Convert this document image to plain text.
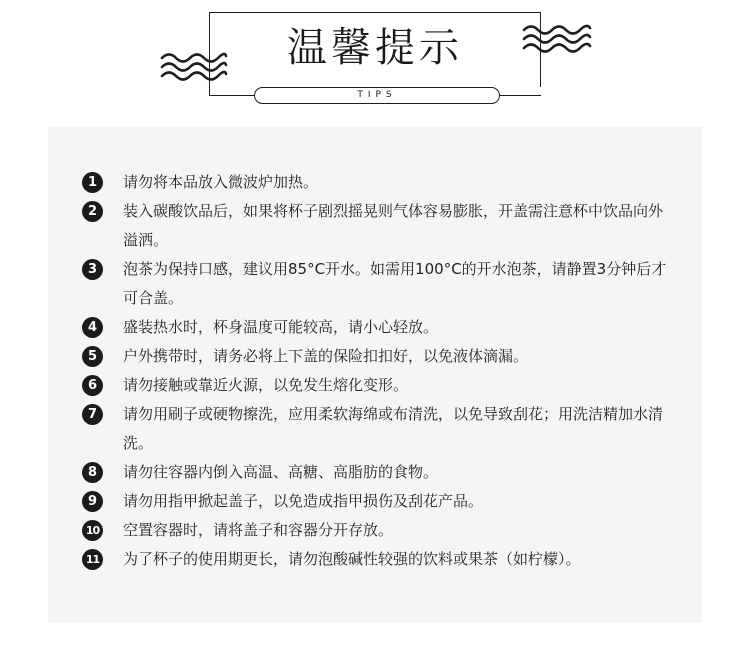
温馨提示
TIPS
1	请勿将本品放入微波炉加热。
2	装入碳酸饮品后，如果将杯子剧烈摇晃则气体容易膨胀，开盖需注意杯中饮品向外溢洒。
3	泡茶为保持口感，建议用85°C开水。如需用100°C的开水泡茶，请静置3分钟后才可合盖。
4	盛装热水时，杯身温度可能较高，请小心轻放。
5	户外携带时，请务必将上下盖的保险扣扣好，以免液体滴漏。
6	请勿接触或靠近火源，以免发生熔化变形。
7	请勿用刷子或硬物擦洗，应用柔软海绵或布清洗，以免导致刮花；用洗洁精加水清洗。
8	请勿往容器内倒入高温、高糖、高脂肪的食物。
9	请勿用指甲掀起盖子，以免造成指甲损伤及刮花产品。
10 空置容器时，请将盖子和容器分开存放。
11 为了杯子的使用期更长，请勿泡酸碱性较强的饮料或果茶（如柠檬）。
